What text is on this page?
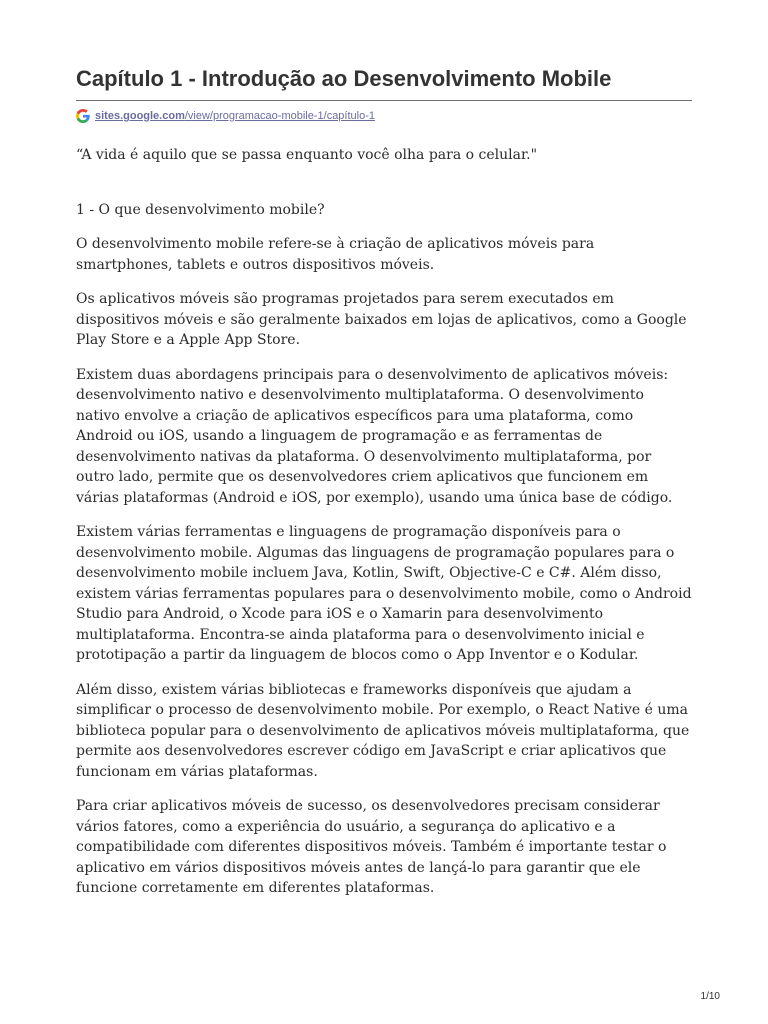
Capítulo 1 - Introdução ao Desenvolvimento Mobile
sites.google.com/view/programacao-mobile-1/capítulo-1

“A vida é aquilo que se passa enquanto você olha para o celular."

1 - O que desenvolvimento mobile?

O desenvolvimento mobile refere-se à criação de aplicativos móveis para smartphones, tablets e outros dispositivos móveis.

Os aplicativos móveis são programas projetados para serem executados em dispositivos móveis e são geralmente baixados em lojas de aplicativos, como a Google Play Store e a Apple App Store.

Existem duas abordagens principais para o desenvolvimento de aplicativos móveis: desenvolvimento nativo e desenvolvimento multiplataforma. O desenvolvimento nativo envolve a criação de aplicativos específicos para uma plataforma, como Android ou iOS, usando a linguagem de programação e as ferramentas de desenvolvimento nativas da plataforma. O desenvolvimento multiplataforma, por outro lado, permite que os desenvolvedores criem aplicativos que funcionem em várias plataformas (Android e iOS, por exemplo), usando uma única base de código.

Existem várias ferramentas e linguagens de programação disponíveis para o desenvolvimento mobile. Algumas das linguagens de programação populares para o desenvolvimento mobile incluem Java, Kotlin, Swift, Objective-C e C#. Além disso, existem várias ferramentas populares para o desenvolvimento mobile, como o Android Studio para Android, o Xcode para iOS e o Xamarin para desenvolvimento multiplataforma. Encontra-se ainda plataforma para o desenvolvimento inicial e prototipação a partir da linguagem de blocos como o App Inventor e o Kodular.

Além disso, existem várias bibliotecas e frameworks disponíveis que ajudam a simplificar o processo de desenvolvimento mobile. Por exemplo, o React Native é uma biblioteca popular para o desenvolvimento de aplicativos móveis multiplataforma, que permite aos desenvolvedores escrever código em JavaScript e criar aplicativos que funcionam em várias plataformas.

Para criar aplicativos móveis de sucesso, os desenvolvedores precisam considerar vários fatores, como a experiência do usuário, a segurança do aplicativo e a compatibilidade com diferentes dispositivos móveis. Também é importante testar o aplicativo em vários dispositivos móveis antes de lançá-lo para garantir que ele funcione corretamente em diferentes plataformas.

1/10
